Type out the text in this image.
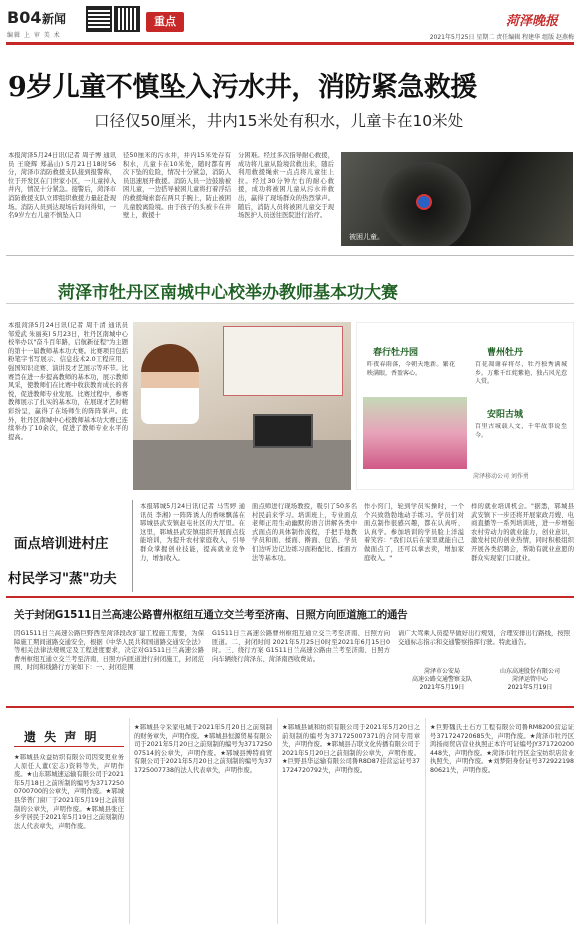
B04 新闻
编辑 上 审 美 术
重点	菏泽晚报
2021年5月25日 星期二 责任编辑 程建华 组版 赵燕梅
9岁儿童不慎坠入污水井，消防紧急救援
口径仅50厘米，井内15米处有积水，儿童卡在10米处
本报菏泽5月24日讯(记者 周子博 通讯员 王晓辉 郑晶山) 5月21日18时56分，菏泽市消防救援支队接到报警称，位于开发区在门世家小区，一儿童掉入井内，情况十分紧急。接警后，菏泽市消防救援支队立即组织救援力量赶赴现场。消防人员到达现场后询问得知，一名9岁左右儿童不慎坠入口
径50厘米的污水井，井内15米处存有积水，儿童卡在10米处，随时都有再次下坠的危险，情况十分紧急，消防人员迅速展开救援。消防人员一边鼓励被困儿童，一边搭导被困儿童将打着浮结的救援绳索套在两只手腕上，防止被困儿童脱离险境。由于孩子的头被卡在井壁上，救援十
分困难。经过多次指导耐心救援，成功将儿童从险境营救出来，随后利用救援绳索一点点将儿童往上拉。经过30分钟左右的耐心救援，成功将被困儿童从污水井救出，赢得了现场群众的热烈掌声。随后，消防人员将被困儿童交于现场医护人员送往医院进行治疗。
被困儿童。
菏泽市牡丹区南城中心校举办教师基本功大赛
本报菏泽5月24日讯(记者 周千清 通讯员 邹爱武 朱丽英) 5月23日，牡丹区南城中心校举办以"奋斗百年路，启航新征程"为主题的第十一届教师基本功大赛。比赛项目包括粉笔字书写展示、信息技术2.0工程应用、强国知识竞赛、演讲及才艺展示等环节。比赛旨在进一步提高教师的基本功，展示教师风采，使教师们在比赛中收获教育成长的喜悦，促进教师专业发展。比赛过程中，参赛教师展示了扎实的基本功，在展现才艺时精彩纷呈，赢得了在场师生的阵阵掌声。此外，牡丹区南城中心校教师基本功大赛已连续举办了10余次，促进了教师专业水平的提高。
春行牡丹园
昨夜春雨落，今朝天地新。繁花映满眼，香盈客心。
曹州牡丹
百花凋谢春将尽，牡丹独秀满城乡。万紫千红姹紫艳，独占风光惹人赏。
安阳古城
百里古城载人文，千年故事说至今。
菏泽移动公司 刘作勇
面点培训进村庄
村民学习"蒸"功夫
本报郓城5月24日讯(记者 马雪婷 通讯员 李湘) 一阵阵诱人的香味飘荡在郓城县武安镇赵屯社区的大厅里。在这里，郓城县武安镇组织开展面点技能培训，为提升农村家庭收入，引导群众掌握创业技能，提高就业竞争力，增加收入。
面点师进行现场教授，吸引了50多名村民前来学习。培训班上，专业面点老师正用生动幽默的语言讲解各类中式面点的具体制作流程，手把手地教学员和面、揉面、擀面、包馅、学员们边听边记边练习面粉配比、揉面方法等基本功。
作小窍门，轮到学员实操时，一个个兴致勃勃地动手练习。学员们对面点制作很感兴趣，都在认真听、认真学。参加培训的学员脸上洋溢着笑容："我们以后在家里就能自己做面点了，还可以拿去卖，增加家庭收入。"
样的就业培训机会。"据悉，郓城县武安镇下一步还将开展家政月嫂、电商直播等一系列培训班，进一步增强农村劳动力的就业能力，创业意识，激发村民的创业热情，同时积极组织开展各类招聘会，帮助有就业意愿的群众实现家门口就业。
关于封闭G1511日兰高速公路曹州枢纽互通立交兰考至济南、日照方向匝道施工的通告
因G1511日兰高速公路巨野西至菏泽段改扩建工程施工需要，为保障施工期间道路交通安全，根据《中华人民共和国道路交通安全法》等相关法律法规规定及工程进度要求，决定对G1511日兰高速公路曹州枢纽互通立交兰考至济南、日照方向匝道进行封闭施工，封闭范围、时间和线路行方案如下：一、封闭范围
G1511日兰高速公路曹州枢纽互通立交兰考至济南、日照方向匝道。二、封闭时间 2021年5月25日0时至2021年6月15日0时。三、绕行方案 G1511日兰高速公路由兰考至济南、日照方向车辆绕行菏泽东、菏泽南西收费站。
请广大驾乘人员提早做好出行规划，合理安排出行路线，按照交通标志指示和交通警察指挥行驶。特此通告。
菏泽市公安局
高速公路交通警察支队
2021年5月19日
山东高速股份有限公司
菏泽运管中心
2021年5月19日
遗 失 声 明
★郓城县众益纺织有限公司因变更业务人原任人董(宏志)资料等失，声明作废。★山东郓城速运输有限公司于2021年5月18日之前所制的编号为37172500700700的公章失，声明作废。★郓城县华普门窗厂于2021年5月19日之前刻制的公章失，声明作废。★郓城县张庄乡学居民于2021年5月19日之前刻制的法人代表章失，声明作废。
★郓城县令采家电城于2021年5月20日之前刻制的财务章失，声明作废。★郓城县恒源贸易有限公司于2021年5月20日之前刻制的编号为371725007514的公章失，声明作废。★郓城县博特商贸有限公司于2021年5月20日之前刻制的编号为371725007738的法人代表章失，声明作废。
★郓城县诚和纺织有限公司于2021年5月20日之前刻制的编号为371725007371的合同专用章失，声明作废。★郓城县吉联文化传播有限公司于2021年5月20日之前刻制的公章失，声明作废。★巨野县华运输有限公司鲁R8D87挂营运证号371724720792失，声明作废。
★巨野魏氏土石方工程有限公司鲁RM8200营运证号371724720685失，声明作废。★菏泽市牡丹区鸿扬商贸店营业执照正本许可证编号JY371720200448失，声明作废。★菏泽市牡丹区金宝纺织店营业执照失，声明作废。★刘梦阳身份证号37292219880621失，声明作废。
